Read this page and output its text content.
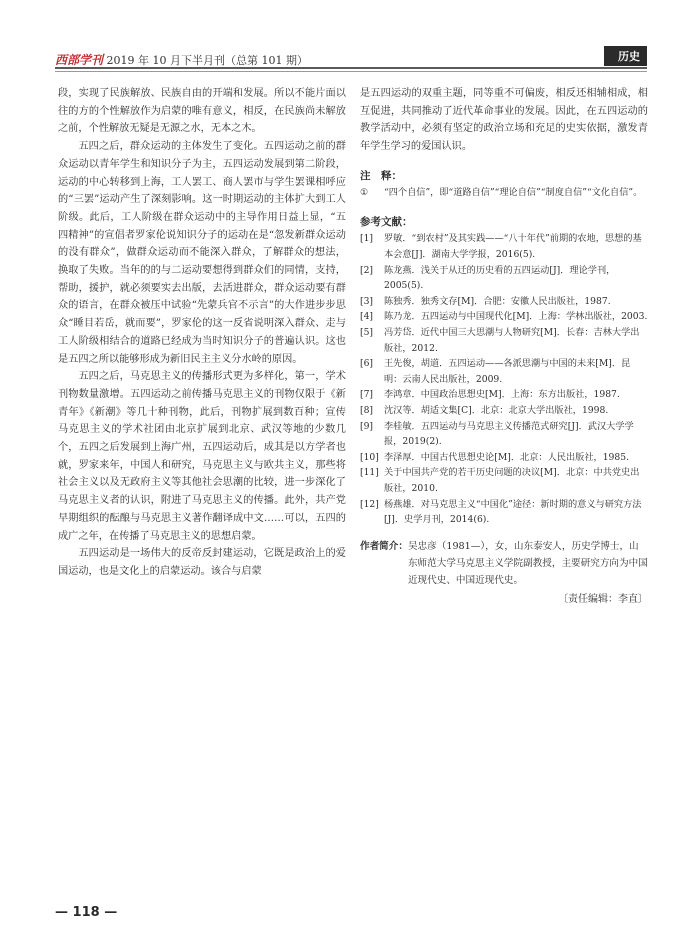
西部学刊 2019 年 10 月下半月刊（总第 101 期）	历史

段，实现了民族解放、民族自由的开端和发展。所以不能片面以往的方的个性解放作为启蒙的唯有意义，相反，在民族尚未解放之前，个性解放无疑是无源之水，无本之木。

五四之后，群众运动的主体发生了变化。五四运动之前的群众运动以青年学生和知识分子为主，五四运动发展到第二阶段，运动的中心转移到上海，工人罢工、商人罢市与学生罢课相呼应的“三罢”运动产生了深刻影响。这一时期运动的主体扩大到工人阶级。此后，工人阶级在群众运动中的主导作用日益上显，“五四精神”的宣倡者罗家伦说知识分子的运动在是“忽发新群众运动的没有群众”，做群众运动而不能深入群众，了解群众的想法，换取了失败。当年的的与二运动要想得到群众们的同情，支持，帮助，援护，就必须要实去出版，去活进群众，群众运动要有群众的语言，在群众被压中试验“先蒙兵官不示言”的大作进步步思众“睡目若岳，就而要”，罗家伦的这一反省说明深入群众、走与工人阶级相结合的道路已经成为当时知识分子的普遍认识。这也是五四之所以能够形成为新旧民主主义分水岭的原因。

五四之后，马克思主义的传播形式更为多样化，第一，学术刊物数量激增。五四运动之前传播马克思主义的刊物仅限于《新青年》《新潮》等几十种刊物，此后，刊物扩展到数百种；宣传马克思主义的学术社团由北京扩展到北京、武汉等地的少数几个，五四之后发展到上海广州，五四运动后，成其是以方学者也就，罗家来年，中国人和研究，马克思主义与欧共主义，那些将社会主义以及无政府主义等其他社会思潮的比较，进一步深化了马克思主义者的认识，附进了马克思主义的传播。此外，共产党早期组织的酝酿与马克思主义著作翻译成中文……可以，五四的成广之年，在传播了马克思主义的思想启蒙。

五四运动是一场伟大的反帝反封建运动，它既是政治上的爱国运动，也是文化上的启蒙运动。该合与启蒙

是五四运动的双重主题，同等重不可偏废，相反还相辅相成，相互促进，共同推动了近代革命事业的发展。因此，在五四运动的教学活动中，必须有坚定的政治立场和充足的史实依据，激发青年学生学习的爱国认识。

注　释：

①	“四个自信”，即“道路自信”“理论自信”“制度自信”“文化自信”。

参考文献：

[1]	罗敏．“到农村”及其实践——“八十年代”前期的农地，思想的基本会意[J]．湖南大学学报，2016(5).
[2]	陈龙燕．浅关于从迁的历史看的五四运动[J]．理论学刊，2005(5).
[3]	陈独秀．独秀文存[M]．合肥：安徽人民出版社，1987.
[4]	陈乃龙．五四运动与中国现代化[M]．上海：学林出版社，2003.
[5]	冯芳岱．近代中国三大思潮与人物研究[M]．长春：吉林大学出版社，2012.
[6]	王先俊，胡道．五四运动——各派思潮与中国的未来[M]．昆明：云南人民出版社，2009.
[7]	李鸿章．中国政治思想史[M]．上海：东方出版社，1987.
[8]	沈汉等．胡适文集[C]．北京：北京大学出版社，1998.
[9]	李桂敏．五四运动与马克思主义传播范式研究[J]．武汉大学学报，2019(2).
[10] 李泽厚．中国古代思想史论[M]．北京：人民出版社，1985.
[11] 关于中国共产党的若干历史问题的决议[M]．北京：中共党史出版社，2010.
[12] 杨燕雄．对马克思主义“中国化”途径：新时期的意义与研究方法[J]．史学月刊，2014(6).
作者简介： 吴忠彦（1981—），女，山东泰安人，历史学博士，山东师范大学马克思主义学院副教授，主要研究方向为中国近现代史、中国近现代史。
〔责任编辑：李直〕
— 118 —
